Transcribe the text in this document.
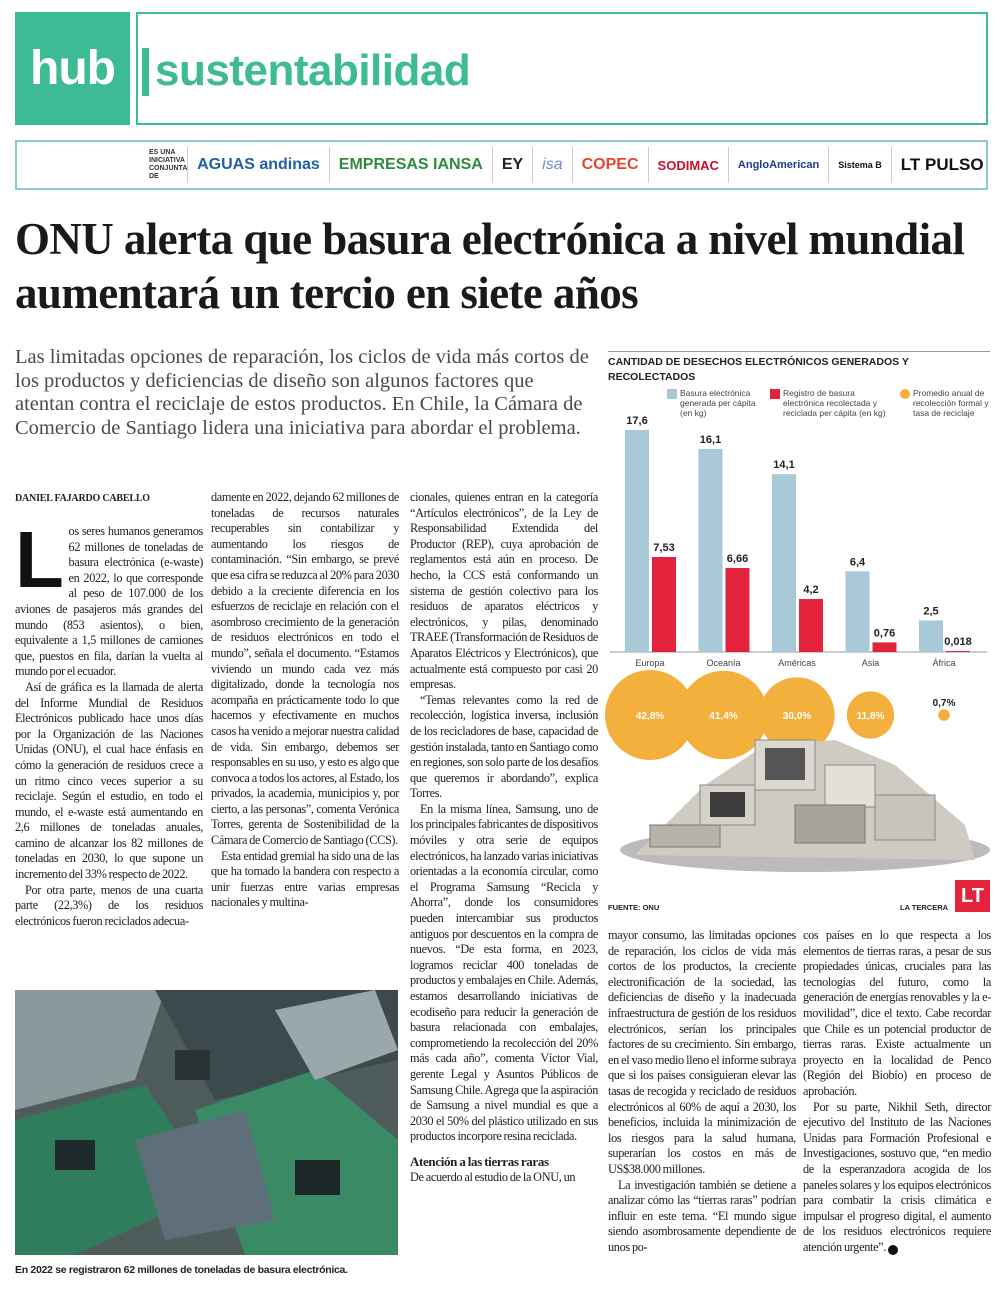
hub sustentabilidad
ES UNA INICIATIVA CONJUNTA DE
AGUAS andinas	EMPRESAS IANSA	EY	isa	COPEC	SODIMAC	AngloAmerican	Sistema B	LT PULSO
ONU alerta que basura electrónica a nivel mundial aumentará un tercio en siete años

Las limitadas opciones de reparación, los ciclos de vida más cortos de los productos y deficiencias de diseño son algunos factores que atentan contra el reciclaje de estos productos. En Chile, la Cámara de Comercio de Santiago lidera una iniciativa para abordar el problema.

DANIEL FAJARDO CABELLO
L os seres humanos generamos 62 millones de toneladas de basura electrónica (e-waste) en 2022, lo que corresponde al peso de 107.000 de los aviones de pasajeros más grandes del mundo (853 asientos), o bien, equivalente a 1,5 millones de camiones que, puestos en fila, darían la vuelta al mundo por el ecuador.

Así de gráfica es la llamada de alerta del Informe Mundial de Residuos Electrónicos publicado hace unos días por la Organización de las Naciones Unidas (ONU), el cual hace énfasis en cómo la generación de residuos crece a un ritmo cinco veces superior a su reciclaje. Según el estudio, en todo el mundo, el e-waste está aumentando en 2,6 millones de toneladas anuales, camino de alcanzar los 82 millones de toneladas en 2030, lo que supone un incremento del 33% respecto de 2022.

Por otra parte, menos de una cuarta parte (22,3%) de los residuos electrónicos fueron reciclados adecua-

damente en 2022, dejando 62 millones de toneladas de recursos naturales recuperables sin contabilizar y aumentando los riesgos de contaminación. “Sin embargo, se prevé que esa cifra se reduzca al 20% para 2030 debido a la creciente diferencia en los esfuerzos de reciclaje en relación con el asombroso crecimiento de la generación de residuos electrónicos en todo el mundo”, señala el documento. “Estamos viviendo un mundo cada vez más digitalizado, donde la tecnología nos acompaña en prácticamente todo lo que hacemos y efectivamente en muchos casos ha venido a mejorar nuestra calidad de vida. Sin embargo, debemos ser responsables en su uso, y esto es algo que convoca a todos los actores, al Estado, los privados, la academia, municipios y, por cierto, a las personas”, comenta Verónica Torres, gerenta de Sostenibilidad de la Cámara de Comercio de Santiago (CCS).

Esta entidad gremial ha sido una de las que ha tomado la bandera con respecto a unir fuerzas entre varias empresas nacionales y multina-

cionales, quienes entran en la categoría “Artículos electrónicos”, de la Ley de Responsabilidad Extendida del Productor (REP), cuya aprobación de reglamentos está aún en proceso. De hecho, la CCS está conformando un sistema de gestión colectivo para los residuos de aparatos eléctricos y electrónicos, y pilas, denominado TRAEE (Transformación de Residuos de Aparatos Eléctricos y Electrónicos), que actualmente está compuesto por casi 20 empresas.

“Temas relevantes como la red de recolección, logística inversa, inclusión de los recicladores de base, capacidad de gestión instalada, tanto en Santiago como en regiones, son solo parte de los desafíos que queremos ir abordando”, explica Torres.

En la misma línea, Samsung, uno de los principales fabricantes de dispositivos móviles y otra serie de equipos electrónicos, ha lanzado varias iniciativas orientadas a la economía circular, como el Programa Samsung “Recicla y Ahorra”, donde los consumidores pueden intercambiar sus productos antiguos por descuentos en la compra de nuevos. “De esta forma, en 2023, logramos reciclar 400 toneladas de productos y embalajes en Chile. Además, estamos desarrollando iniciativas de ecodiseño para reducir la generación de basura relacionada con embalajes, comprometiendo la recolección del 20% más cada año”, comenta Víctor Vial, gerente Legal y Asuntos Públicos de Samsung Chile. Agrega que la aspiración de Samsung a nivel mundial es que a 2030 el 50% del plástico utilizado en sus productos incorpore resina reciclada.

Atención a las tierras raras

De acuerdo al estudio de la ONU, un

mayor consumo, las limitadas opciones de reparación, los ciclos de vida más cortos de los productos, la creciente electronificación de la sociedad, las deficiencias de diseño y la inadecuada infraestructura de gestión de los residuos electrónicos, serían los principales factores de su crecimiento. Sin embargo, en el vaso medio lleno el informe subraya que si los países consiguieran elevar las tasas de recogida y reciclado de residuos electrónicos al 60% de aquí a 2030, los beneficios, incluida la minimización de los riesgos para la salud humana, superarían los costos en más de US$38.000 millones.

La investigación también se detiene a analizar cómo las “tierras raras” podrían influir en este tema. “El mundo sigue siendo asombrosamente dependiente de unos po-

cos países en lo que respecta a los elementos de tierras raras, a pesar de sus propiedades únicas, cruciales para las tecnologías del futuro, como la generación de energías renovables y la e-movilidad”, dice el texto. Cabe recordar que Chile es un potencial productor de tierras raras. Existe actualmente un proyecto en la localidad de Penco (Región del Biobío) en proceso de aprobación.

Por su parte, Nikhil Seth, director ejecutivo del Instituto de las Naciones Unidas para Formación Profesional e Investigaciones, sostuvo que, “en medio de la esperanzadora acogida de los paneles solares y los equipos electrónicos para combatir la crisis climática e impulsar el progreso digital, el aumento de los residuos electrónicos requiere atención urgente”. P

En 2022 se registraron 62 millones de toneladas de basura electrónica.
CANTIDAD DE DESECHOS ELECTRÓNICOS GENERADOS Y RECOLECTADOS
Basura electrónica generada per cápita (en kg)
Registro de basura electrónica recolectada y reciclada per cápita (en kg)
Promedio anual de recolección formal y tasa de reciclaje
17,6
7,53
Europa
42,8%
16,1
6,66
Oceanía
41,4%
14,1
4,2
Américas
30,0%
6,4
0,76
Asia
11,8%
2,5
0,018
África
0,7%
FUENTE: ONU	LA TERCERA
LT
